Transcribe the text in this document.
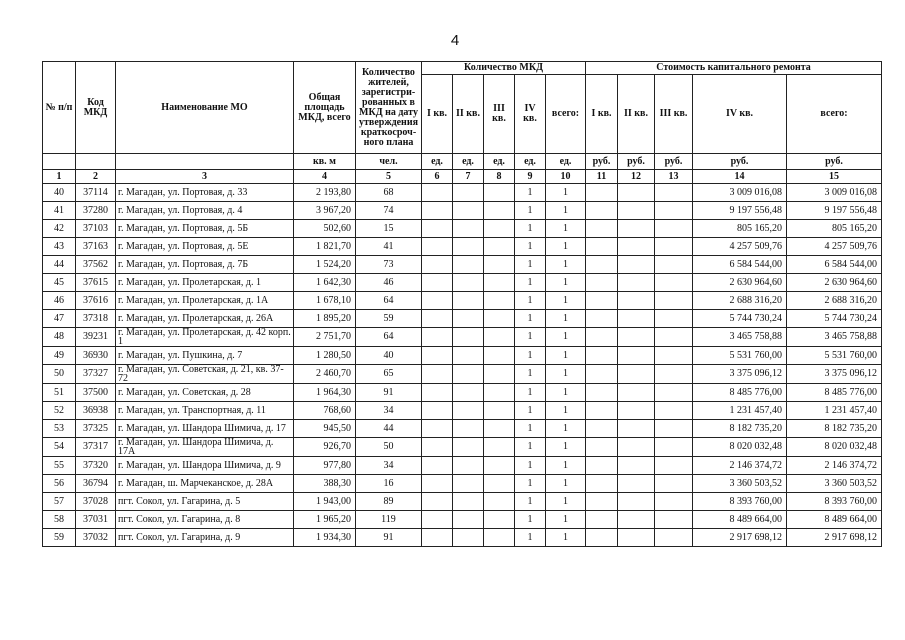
4
№ п/п	Код МКД	Наименование МО	Общая площадь МКД, всего	Количество жителей, зарегистри-рованных в МКД на дату утверждения краткосроч-ного плана	Количество МКД					Стоимость капитального ремонта				
					I кв.	II кв.	III кв.	IV кв.	всего:	I кв.	II кв.	III кв.	IV кв.	всего:
			кв. м	чел.	ед.	ед.	ед.	ед.	ед.	руб.	руб.	руб.	руб.	руб.
1	2	3	4	5	6	7	8	9	10	11	12	13	14	15
40	37114	г. Магадан, ул. Портовая, д. 33	2 193,80	68				1	1				3 009 016,08	3 009 016,08
41	37280	г. Магадан, ул. Портовая, д. 4	3 967,20	74				1	1				9 197 556,48	9 197 556,48
42	37103	г. Магадан, ул. Портовая, д. 5Б	502,60	15				1	1				805 165,20	805 165,20
43	37163	г. Магадан, ул. Портовая, д. 5Е	1 821,70	41				1	1				4 257 509,76	4 257 509,76
44	37562	г. Магадан, ул. Портовая, д. 7Б	1 524,20	73				1	1				6 584 544,00	6 584 544,00
45	37615	г. Магадан, ул. Пролетарская, д. 1	1 642,30	46				1	1				2 630 964,60	2 630 964,60
46	37616	г. Магадан, ул. Пролетарская, д. 1А	1 678,10	64				1	1				2 688 316,20	2 688 316,20
47	37318	г. Магадан, ул. Пролетарская, д. 26А	1 895,20	59				1	1				5 744 730,24	5 744 730,24
48	39231	г. Магадан, ул. Пролетарская, д. 42 корп. 1	2 751,70	64				1	1				3 465 758,88	3 465 758,88
49	36930	г. Магадан, ул. Пушкина, д. 7	1 280,50	40				1	1				5 531 760,00	5 531 760,00
50	37327	г. Магадан, ул. Советская, д. 21, кв. 37-72	2 460,70	65				1	1				3 375 096,12	3 375 096,12
51	37500	г. Магадан, ул. Советская, д. 28	1 964,30	91				1	1				8 485 776,00	8 485 776,00
52	36938	г. Магадан, ул. Транспортная, д. 11	768,60	34				1	1				1 231 457,40	1 231 457,40
53	37325	г. Магадан, ул. Шандора Шимича, д. 17	945,50	44				1	1				8 182 735,20	8 182 735,20
54	37317	г. Магадан, ул. Шандора Шимича, д. 17А	926,70	50				1	1				8 020 032,48	8 020 032,48
55	37320	г. Магадан, ул. Шандора Шимича, д. 9	977,80	34				1	1				2 146 374,72	2 146 374,72
56	36794	г. Магадан, ш. Марчеканское, д. 28А	388,30	16				1	1				3 360 503,52	3 360 503,52
57	37028	пгт. Сокол, ул. Гагарина, д. 5	1 943,00	89				1	1				8 393 760,00	8 393 760,00
58	37031	пгт. Сокол, ул. Гагарина, д. 8	1 965,20	119				1	1				8 489 664,00	8 489 664,00
59	37032	пгт. Сокол, ул. Гагарина, д. 9	1 934,30	91				1	1				2 917 698,12	2 917 698,12
